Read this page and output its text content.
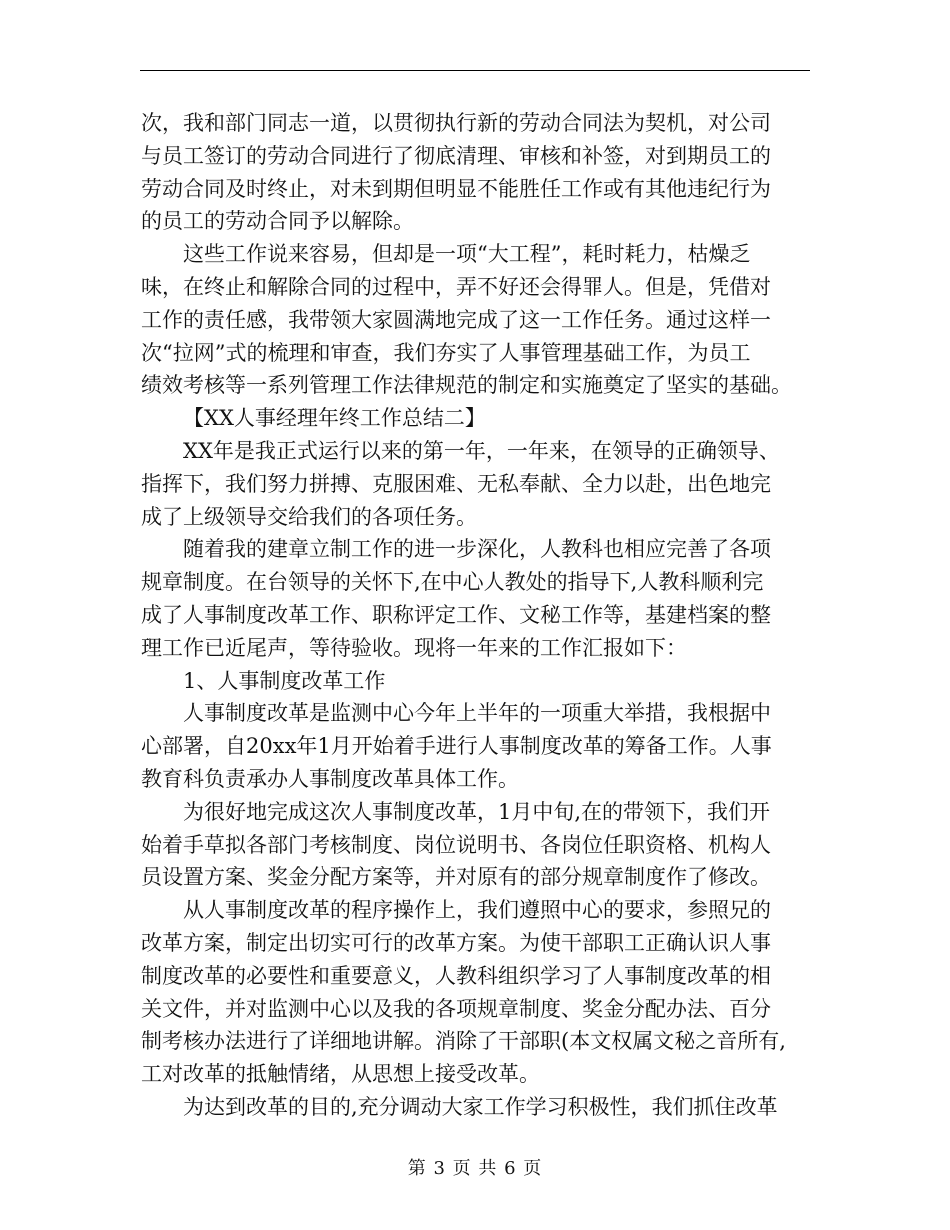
次，我和部门同志一道，以贯彻执行新的劳动合同法为契机，对公司

与员工签订的劳动合同进行了彻底清理、审核和补签，对到期员工的

劳动合同及时终止，对未到期但明显不能胜任工作或有其他违纪行为

的员工的劳动合同予以解除。

这些工作说来容易，但却是一项“大工程”，耗时耗力，枯燥乏

味，在终止和解除合同的过程中，弄不好还会得罪人。但是，凭借对

工作的责任感，我带领大家圆满地完成了这一工作任务。通过这样一

次“拉网”式的梳理和审查，我们夯实了人事管理基础工作，为员工

绩效考核等一系列管理工作法律规范的制定和实施奠定了坚实的基础。

【XX人事经理年终工作总结二】

XX年是我正式运行以来的第一年，一年来，在领导的正确领导、

指挥下，我们努力拼搏、克服困难、无私奉献、全力以赴，出色地完

成了上级领导交给我们的各项任务。

随着我的建章立制工作的进一步深化，人教科也相应完善了各项

规章制度。在台领导的关怀下,在中心人教处的指导下,人教科顺利完

成了人事制度改革工作、职称评定工作、文秘工作等，基建档案的整

理工作已近尾声，等待验收。现将一年来的工作汇报如下：

1、人事制度改革工作

人事制度改革是监测中心今年上半年的一项重大举措，我根据中

心部署，自20xx年1月开始着手进行人事制度改革的筹备工作。人事

教育科负责承办人事制度改革具体工作。

为很好地完成这次人事制度改革，1月中旬,在的带领下，我们开

始着手草拟各部门考核制度、岗位说明书、各岗位任职资格、机构人

员设置方案、奖金分配方案等，并对原有的部分规章制度作了修改。

从人事制度改革的程序操作上，我们遵照中心的要求，参照兄的

改革方案，制定出切实可行的改革方案。为使干部职工正确认识人事

制度改革的必要性和重要意义，人教科组织学习了人事制度改革的相

关文件，并对监测中心以及我的各项规章制度、奖金分配办法、百分

制考核办法进行了详细地讲解。消除了干部职(本文权属文秘之音所有,

工对改革的抵触情绪，从思想上接受改革。

为达到改革的目的,充分调动大家工作学习积极性，我们抓住改革

第 3 页 共 6 页
